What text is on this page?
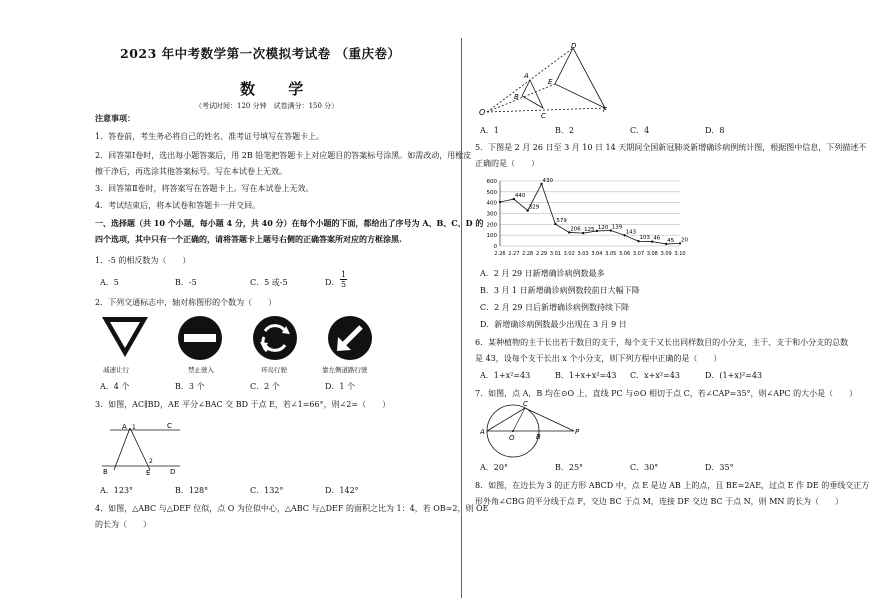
2023 年中考数学第一次模拟考试卷 （重庆卷）
数 学
（考试时间：120 分钟　试卷满分：150 分）
注意事项：
1．答卷前，考生务必将自己的姓名、准考证号填写在答题卡上。
2．回答第Ⅰ卷时，选出每小题答案后，用 2B 铅笔把答题卡上对应题目的答案标号涂黑。如需改动，用橡皮
擦干净后，再选涂其他答案标号。写在本试卷上无效。
3．回答第Ⅱ卷时，将答案写在答题卡上。写在本试卷上无效。
4．考试结束后，将本试卷和答题卡一并交回。
一、选择题（共 10 个小题，每小题 4 分，共 40 分）在每个小题的下面，都给出了序号为 A、B、C、D 的
四个选项，其中只有一个正确的，请将答题卡上题号右侧的正确答案所对应的方框涂黑.
1．-5 的相反数为（　　）
A．5	B．-5	C．5 或-5	D． $\frac{1}{5}$
2．下列交通标志中，轴对称图形的个数为（　　）
减速让行	禁止驶入	环岛行驶	靠左侧道路行驶
A．4 个	B．3 个	C．2 个	D．1 个
3．如图，AC∥BD，AE 平分∠BAC 交 BD 于点 E，若∠1=66°，则∠2=（　　）
A 1	C
B	E
2
D
A．123°	B．128°	C．132°	D．142°
4．如图，△ABC 与△DEF 位似，点 O 为位似中心，△ABC 与△DEF 的面积之比为 1：4，若 OB=2，则 OE
的长为（　　）
O
A
B
C
D
E
F
A．1	B．2	C．4	D．8
5．下图是 2 月 26 日至 3 月 10 日 14 天期间全国新冠肺炎新增确诊病例统计图，根据图中信息，下列描述不
正确的是（　　）
0
100
200
300
400
500
600
440
329
430
579
206 125 120 139
143
103 46 45 20
2.26 2.27 2.28 2.29 3.01 3.02 3.03 3.04 3.05 3.06 3.07 3.08 3.09 3.10
A．2 月 29 日新增确诊病例数最多
B．3 月 1 日新增确诊病例数较前日大幅下降
C．2 月 29 日后新增确诊病例数持续下降
D．新增确诊病例数最少出现在 3 月 9 日
6．某种植物的主干长出若干数目的支干，每个支干又长出同样数目的小分支，主干、支干和小分支的总数
是 43，设每个支干长出 x 个小分支，则下列方程中正确的是（　　）
A．1+x²=43	B．1+x+x²=43 C．x+x²=43	D．(1+x)²=43
7．如图，点 A，B 均在⊙O 上，直线 PC 与⊙O 相切于点 C，若∠CAP=35°，则∠APC 的大小是（　　）
A
O	B
C
P
A．20°	B．25°	C．30°	D．35°
8．如图，在边长为 3 的正方形 ABCD 中，点 E 是边 AB 上的点，且 BE=2AE，过点 E 作 DE 的垂线交正方
形外角∠CBG 的平分线于点 F，交边 BC 于点 M，连接 DF 交边 BC 于点 N，则 MN 的长为（　　）
